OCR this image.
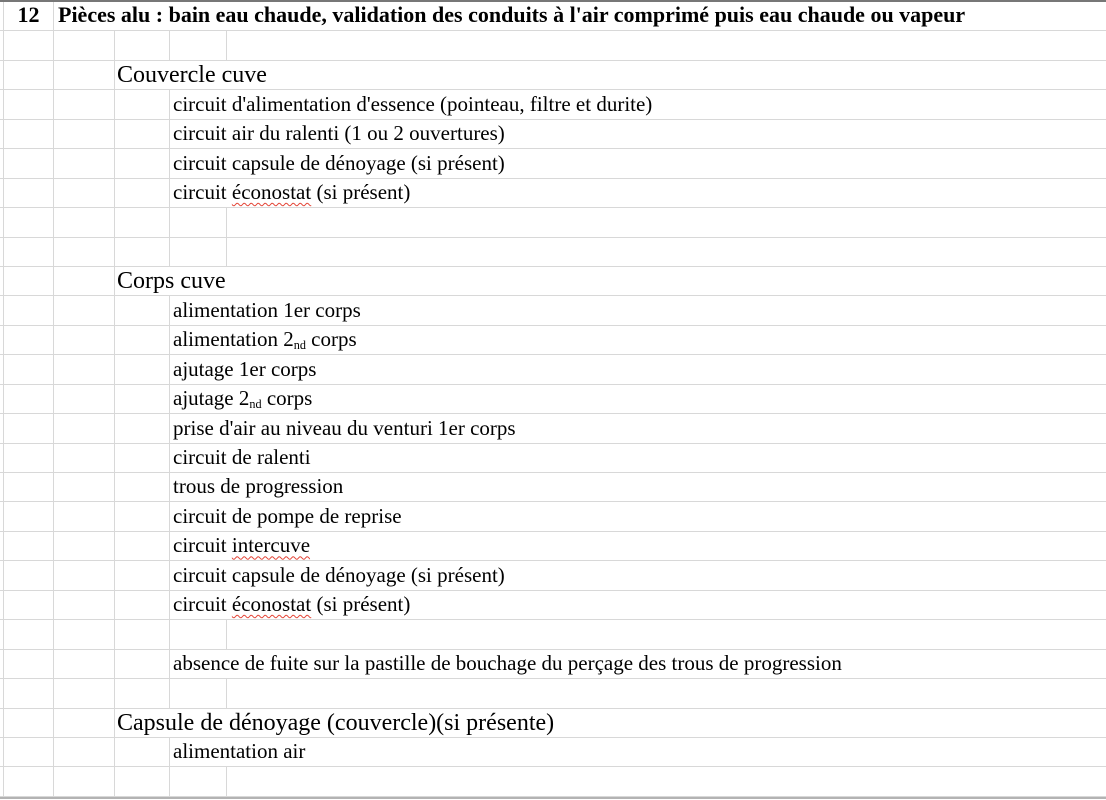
12 Pièces alu : bain eau chaude, validation des conduits à l'air comprimé puis eau chaude ou vapeur
Couvercle cuve
circuit d'alimentation d'essence (pointeau, filtre et durite)
circuit air du ralenti (1 ou 2 ouvertures)
circuit capsule de dénoyage (si présent)
circuit éconostat (si présent)
Corps cuve
alimentation 1er corps
alimentation 2nd corps
ajutage 1er corps
ajutage 2nd corps
prise d'air au niveau du venturi 1er corps
circuit de ralenti
trous de progression
circuit de pompe de reprise
circuit intercuve
circuit capsule de dénoyage (si présent)
circuit éconostat (si présent)
absence de fuite sur la pastille de bouchage du perçage des trous de progression
Capsule de dénoyage (couvercle)(si présente)
alimentation air
